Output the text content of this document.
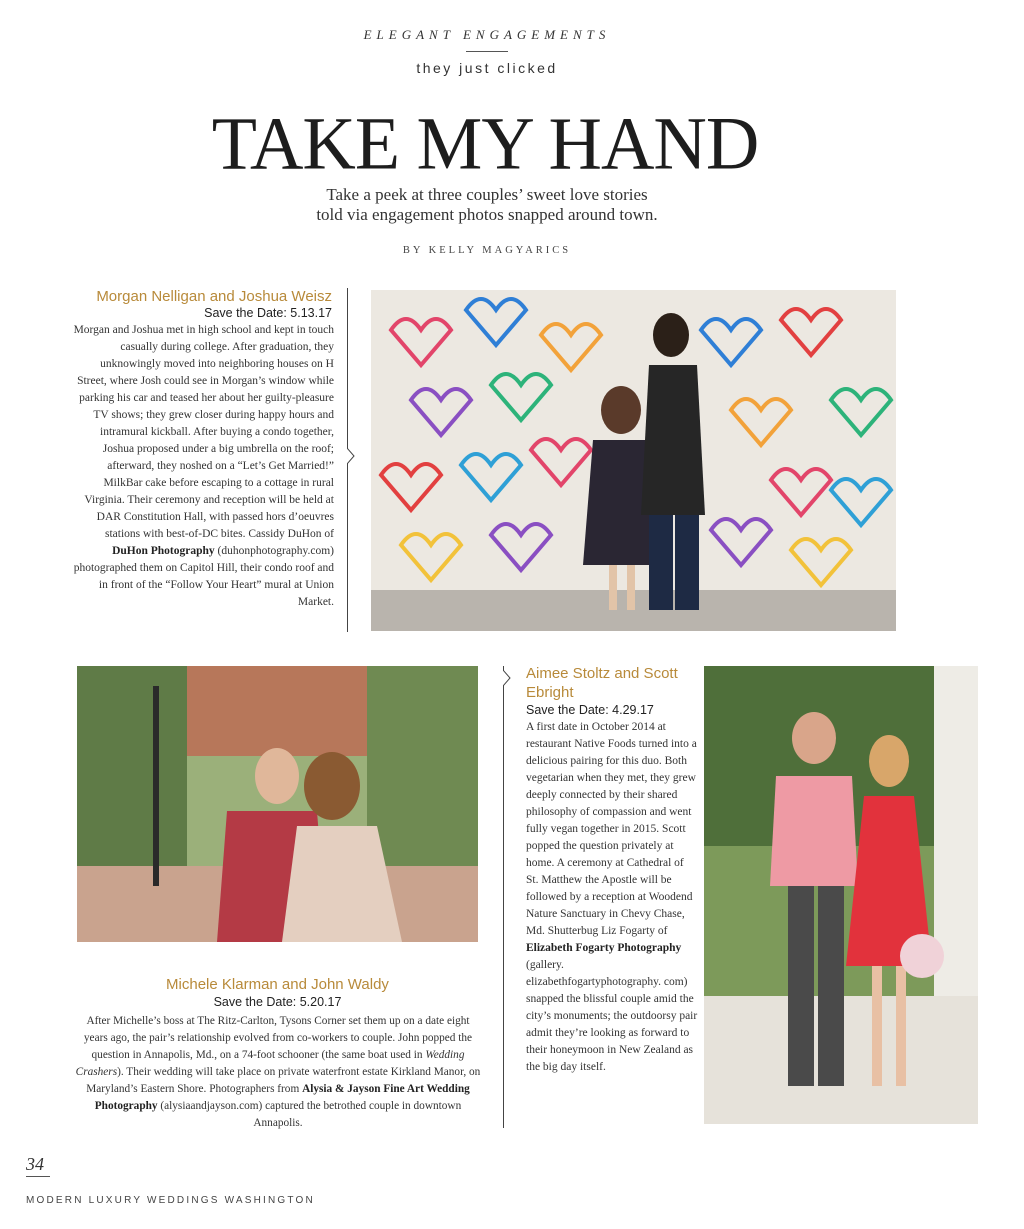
ELEGANT ENGAGEMENTS
they just clicked
TAKE MY HAND
Take a peek at three couples’ sweet love stories
told via engagement photos snapped around town.
BY KELLY MAGYARICS
Morgan Nelligan and Joshua Weisz
Save the Date: 5.13.17
Morgan and Joshua met in high school and kept in touch casually during college. After graduation, they unknowingly moved into neighboring houses on H Street, where Josh could see in Morgan’s window while parking his car and teased her about her guilty-pleasure TV shows; they grew closer during happy hours and intramural kickball. After buying a condo together, Joshua proposed under a big umbrella on the roof; afterward, they noshed on a “Let’s Get Married!” MilkBar cake before escaping to a cottage in rural Virginia. Their ceremony and reception will be held at DAR Constitution Hall, with passed hors d’oeuvres stations with best-of-DC bites. Cassidy DuHon of DuHon Photography (duhonphotography.com) photographed them on Capitol Hill, their condo roof and in front of the “Follow Your Heart” mural at Union Market.
Michele Klarman and John Waldy
Save the Date: 5.20.17
After Michelle’s boss at The Ritz-Carlton, Tysons Corner set them up on a date eight years ago, the pair’s relationship evolved from co-workers to couple. John popped the question in Annapolis, Md., on a 74-foot schooner (the same boat used in Wedding Crashers). Their wedding will take place on private waterfront estate Kirkland Manor, on Maryland’s Eastern Shore. Photographers from Alysia & Jayson Fine Art Wedding Photography (alysiaandjayson.com) captured the betrothed couple in downtown Annapolis.
Aimee Stoltz and Scott Ebright
Save the Date: 4.29.17
A first date in October 2014 at restaurant Native Foods turned into a delicious pairing for this duo. Both vegetarian when they met, they grew deeply connected by their shared philosophy of compassion and went fully vegan together in 2015. Scott popped the question privately at home. A ceremony at Cathedral of St. Matthew the Apostle will be followed by a reception at Woodend Nature Sanctuary in Chevy Chase, Md. Shutterbug Liz Fogarty of Elizabeth Fogarty Photography (gallery. elizabethfogartyphotography. com) snapped the blissful couple amid the city’s monuments; the outdoorsy pair admit they’re looking as forward to their honeymoon in New Zealand as the big day itself.
34
MODERN LUXURY WEDDINGS WASHINGTON
